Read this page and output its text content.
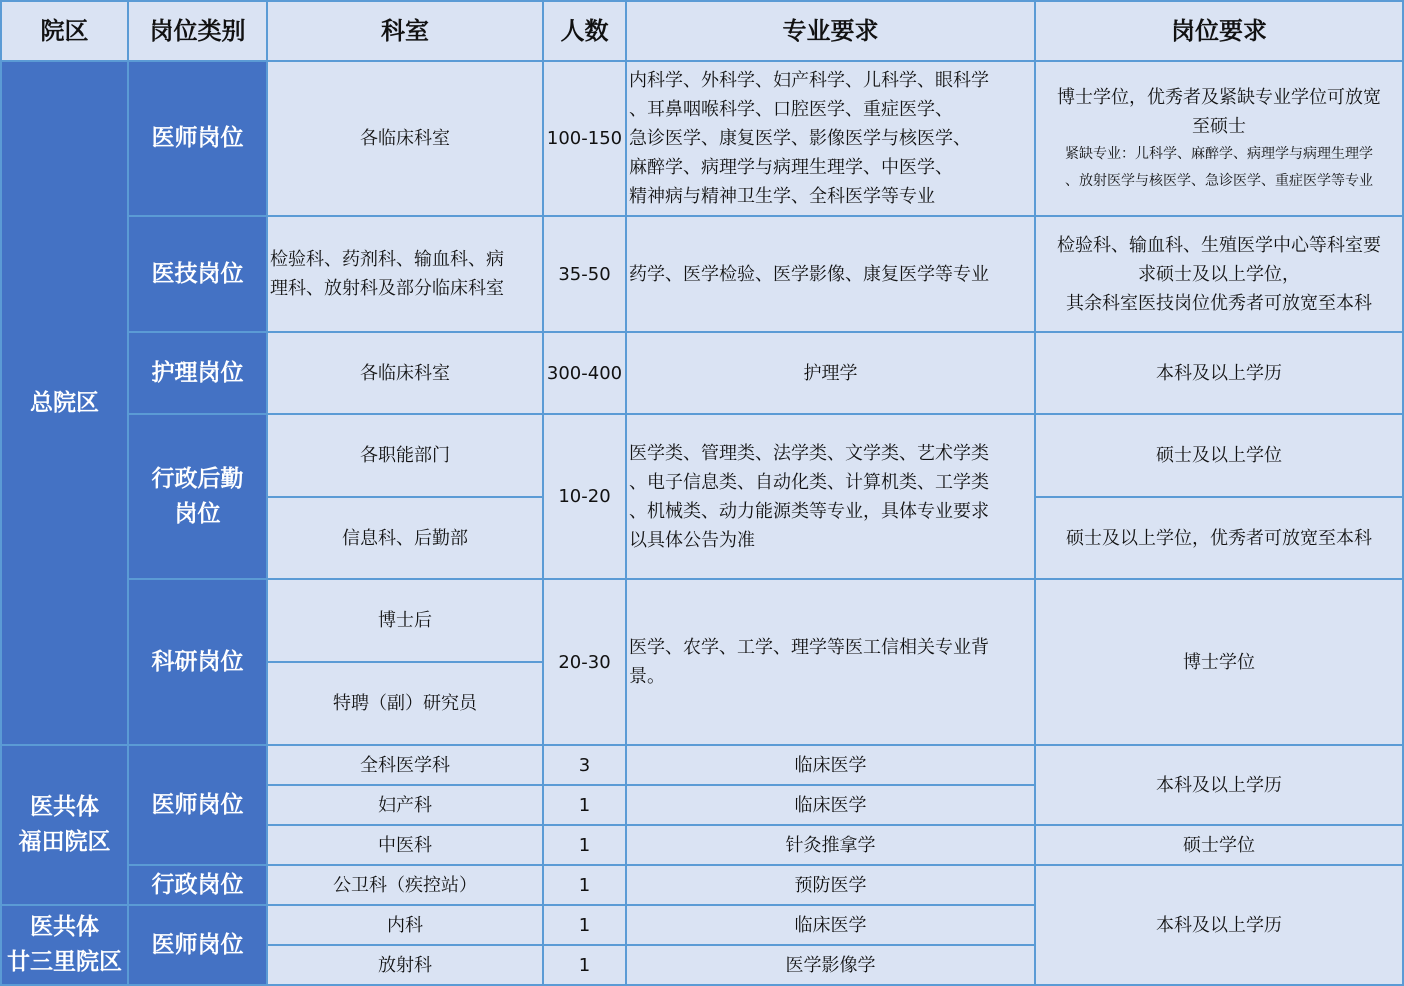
院区	岗位类别	科室	人数	专业要求	岗位要求
总院区	医师岗位	各临床科室	100-150	内科学、外科学、妇产科学、儿科学、眼科学
、耳鼻咽喉科学、口腔医学、重症医学、
急诊医学、康复医学、影像医学与核医学、
麻醉学、病理学与病理生理学、中医学、
精神病与精神卫生学、全科医学等专业	博士学位，优秀者及紧缺专业学位可放宽
至硕士
紧缺专业：儿科学、麻醉学、病理学与病理生理学
、放射医学与核医学、急诊医学、重症医学等专业

	医技岗位	检验科、药剂科、输血科、病
理科、放射科及部分临床科室	35-50	药学、医学检验、医学影像、康复医学等专业	检验科、输血科、生殖医学中心等科室要
求硕士及以上学位，
其余科室医技岗位优秀者可放宽至本科
	护理岗位	各临床科室	300-400	护理学	本科及以上学历
	行政后勤
岗位	各职能部门	10-20	医学类、管理类、法学类、文学类、艺术学类
、电子信息类、自动化类、计算机类、工学类
、机械类、动力能源类等专业，具体专业要求
以具体公告为准	硕士及以上学位
		信息科、后勤部			硕士及以上学位，优秀者可放宽至本科
	科研岗位	博士后	20-30	医学、农学、工学、理学等医工信相关专业背
景。	博士学位
		特聘（副）研究员			
医共体
福田院区	医师岗位	全科医学科	3	临床医学	本科及以上学历
		妇产科	1	临床医学	
		中医科	1	针灸推拿学	硕士学位
	行政岗位	公卫科（疾控站）	1	预防医学	本科及以上学历
医共体
廿三里院区	医师岗位	内科	1	临床医学	
		放射科	1	医学影像学	
